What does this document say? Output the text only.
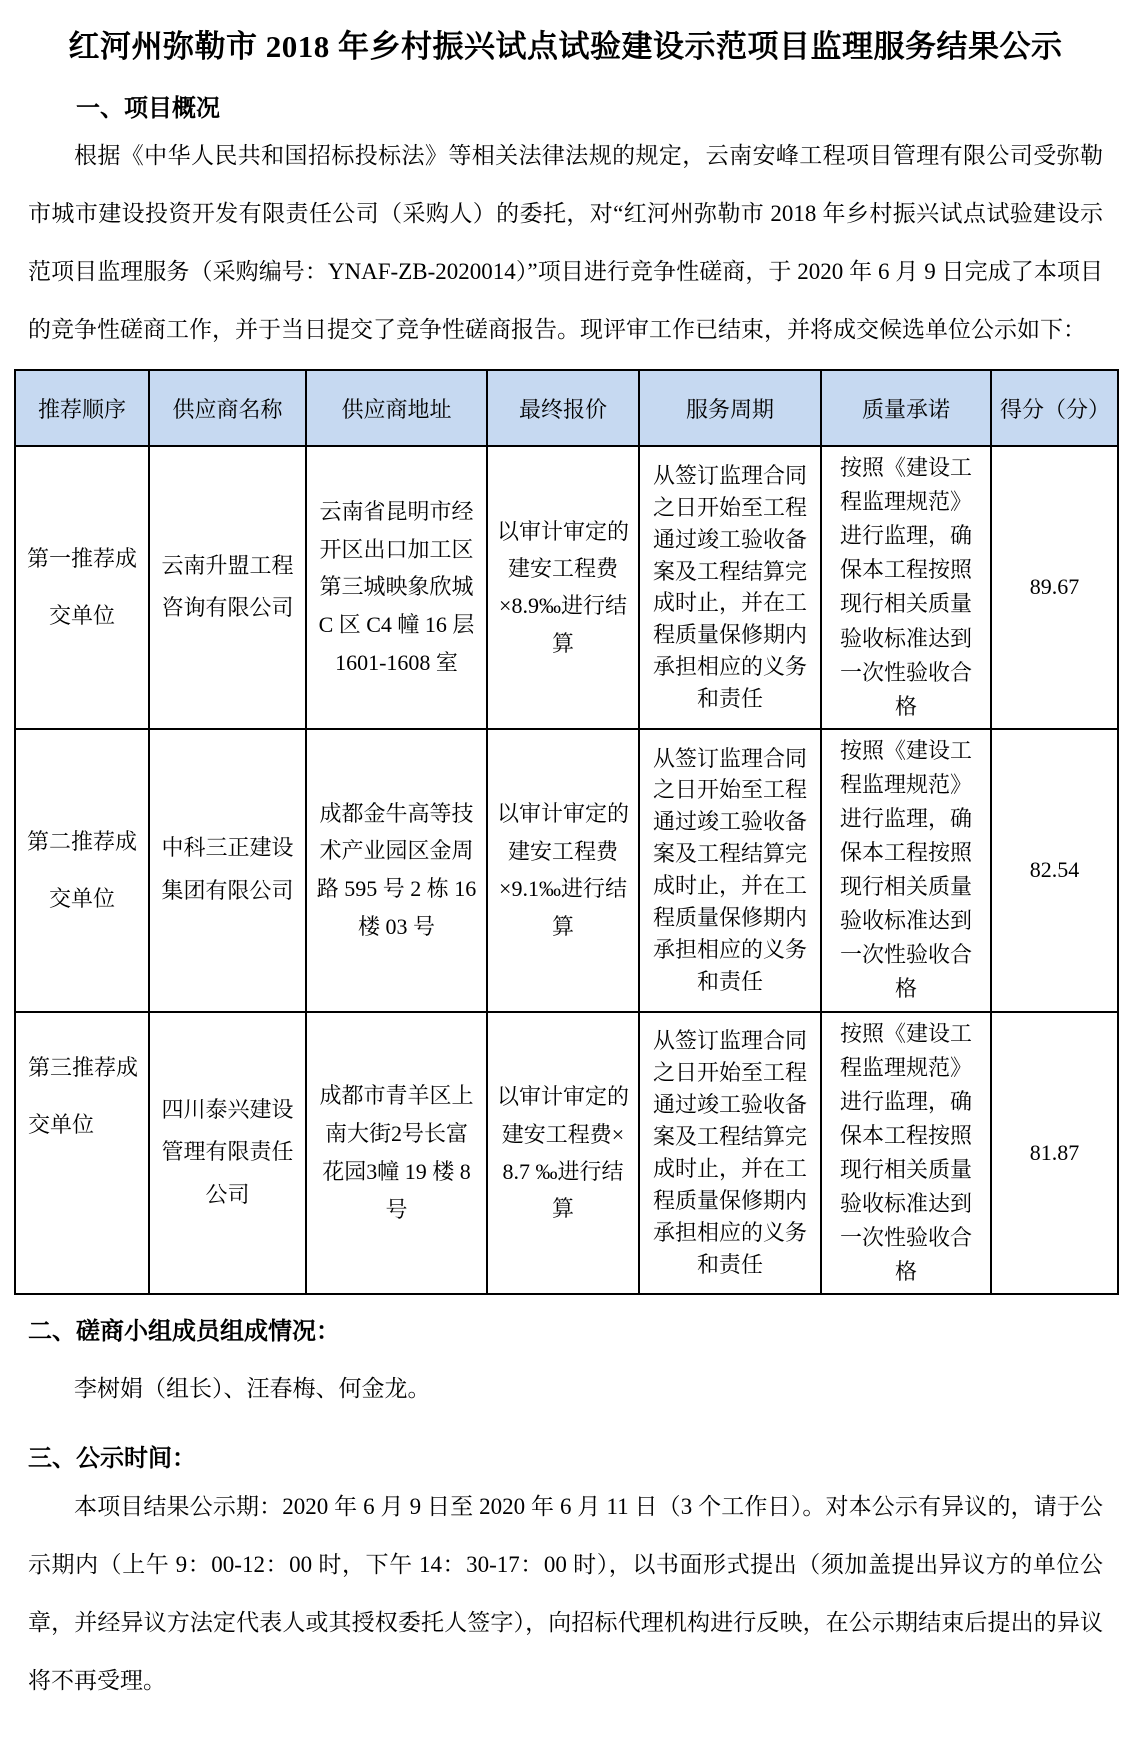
红河州弥勒市 2018 年乡村振兴试点试验建设示范项目监理服务结果公示
一、项目概况

根据《中华人民共和国招标投标法》等相关法律法规的规定，云南安峰工程项目管理有限公司受弥勒市城市建设投资开发有限责任公司（采购人）的委托，对“红河州弥勒市 2018 年乡村振兴试点试验建设示范项目监理服务（采购编号：YNAF-ZB-2020014）”项目进行竞争性磋商，于 2020 年 6 月 9 日完成了本项目的竞争性磋商工作，并于当日提交了竞争性磋商报告。现评审工作已结束，并将成交候选单位公示如下：

推荐顺序	供应商名称	供应商地址	最终报价	服务周期	质量承诺	得分（分）
第一推荐成交单位	云南升盟工程咨询有限公司	云南省昆明市经开区出口加工区第三城映象欣城 C 区 C4 幢 16 层 1601-1608 室	以审计审定的建安工程费×8.9‰进行结算	从签订监理合同之日开始至工程通过竣工验收备案及工程结算完成时止，并在工程质量保修期内承担相应的义务和责任	按照《建设工程监理规范》进行监理，确保本工程按照现行相关质量验收标准达到一次性验收合格	89.67
第二推荐成交单位	中科三正建设集团有限公司	成都金牛高等技术产业园区金周路 595 号 2 栋 16 楼 03 号	以审计审定的建安工程费×9.1‰进行结算	从签订监理合同之日开始至工程通过竣工验收备案及工程结算完成时止，并在工程质量保修期内承担相应的义务和责任	按照《建设工程监理规范》进行监理，确保本工程按照现行相关质量验收标准达到一次性验收合格	82.54
第三推荐成交单位	四川泰兴建设管理有限责任公司	成都市青羊区上南大街2号长富花园3幢 19 楼 8 号	以审计审定的建安工程费× 8.7 ‰进行结算	从签订监理合同之日开始至工程通过竣工验收备案及工程结算完成时止，并在工程质量保修期内承担相应的义务和责任	按照《建设工程监理规范》进行监理，确保本工程按照现行相关质量验收标准达到一次性验收合格	81.87
二、磋商小组成员组成情况：

李树娟（组长）、汪春梅、何金龙。

三、公示时间：

本项目结果公示期：2020 年 6 月 9 日至 2020 年 6 月 11 日（3 个工作日）。对本公示有异议的，请于公示期内（上午 9：00-12：00 时，下午 14：30-17：00 时），以书面形式提出（须加盖提出异议方的单位公章，并经异议方法定代表人或其授权委托人签字），向招标代理机构进行反映，在公示期结束后提出的异议将不再受理。
